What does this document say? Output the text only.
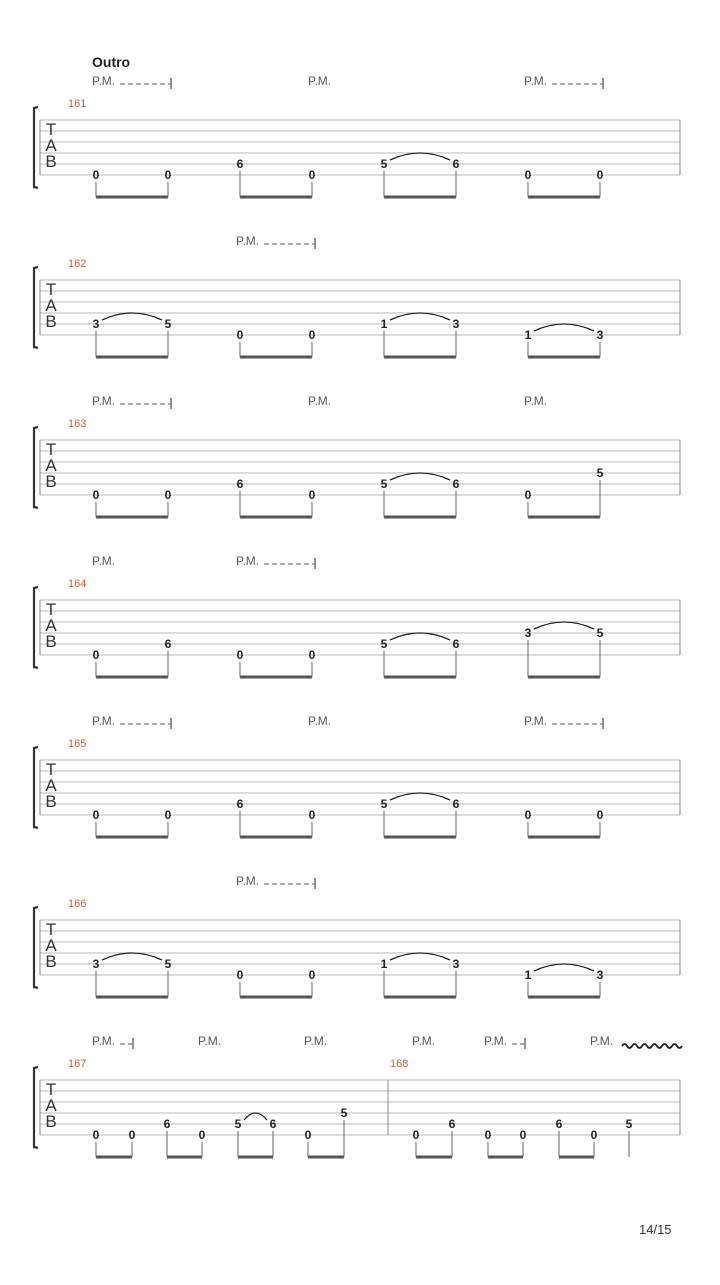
Outro
T
A
B
161
0	0
6
0
5	6
0	0
P.M.	P.M.	P.M.
T
A
B
162
3	5
0	0
1	3
1	3
P.M.
T
A
B
163
0	0
6
0
5	6
0
5
P.M.	P.M.	P.M.
T
A
B
164
0
6
0	0
5	6
3	5
P.M.	P.M.
T
A
B
165
0	0
6
0
5	6
0	0
P.M.	P.M.	P.M.
T
A
B
166
3	5
0	0
1	3
1	3
P.M.
T
A
B
167
0 0
6
0
5 6
0
5
P.M.	P.M.	P.M.
168
0
6
0 0
6
0
5
P.M.	P.M.	P.M.
14/15
